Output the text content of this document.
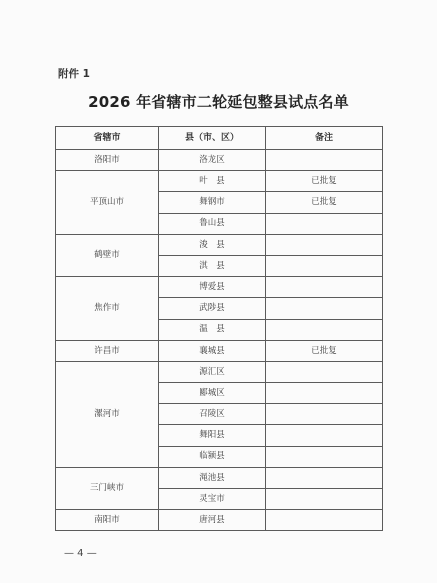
附件 1
2026 年省辖市二轮延包整县试点名单
省辖市	县（市、区）	备注
洛阳市	洛龙区	
平顶山市	叶　县	已批复
	舞钢市	已批复
	鲁山县	
鹤壁市	浚　县	
	淇　县	
焦作市	博爱县	
	武陟县	
	温　县	
许昌市	襄城县	已批复
漯河市	源汇区	
	郾城区	
	召陵区	
	舞阳县	
	临颍县	
三门峡市	渑池县	
	灵宝市	
南阳市	唐河县	
— 4 —
